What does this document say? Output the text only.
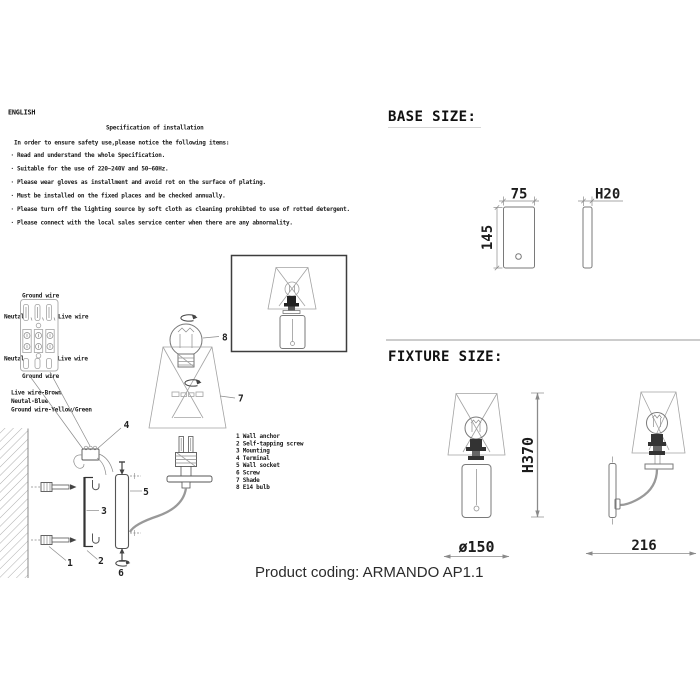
ENGLISH
Specification of installation
In order to ensure safety use,please notice the following items:
· Read and understand the whole Specification.
· Suitable for the use of 220~240V and 50~60Hz.
· Please wear gloves as installment and avoid rot on the surface of plating.
· Must be installed on the fixed places and be checked annually.
· Please turn off the lighting source by soft cloth as cleaning prohibted to use of rotted detergent.
· Please connect with the local sales service center when there are any abnormality.
BASE SIZE:
75
145
H20
FIXTURE SIZE:
H370
ø150	216
Ground wire
Neutal	Live wire
Neutal	Live wire
Ground wire
Live wire-Brown
Neutal-Blue
Ground wire-Yellow/Green
8
7
4
3
5
1	2
6
1 Wall anchor
2 Self-tapping screw
3 Mounting
4 Terminal
5 Wall socket
6 Screw
7 Shade
8 E14 bulb
Product coding: ARMANDO AP1.1
